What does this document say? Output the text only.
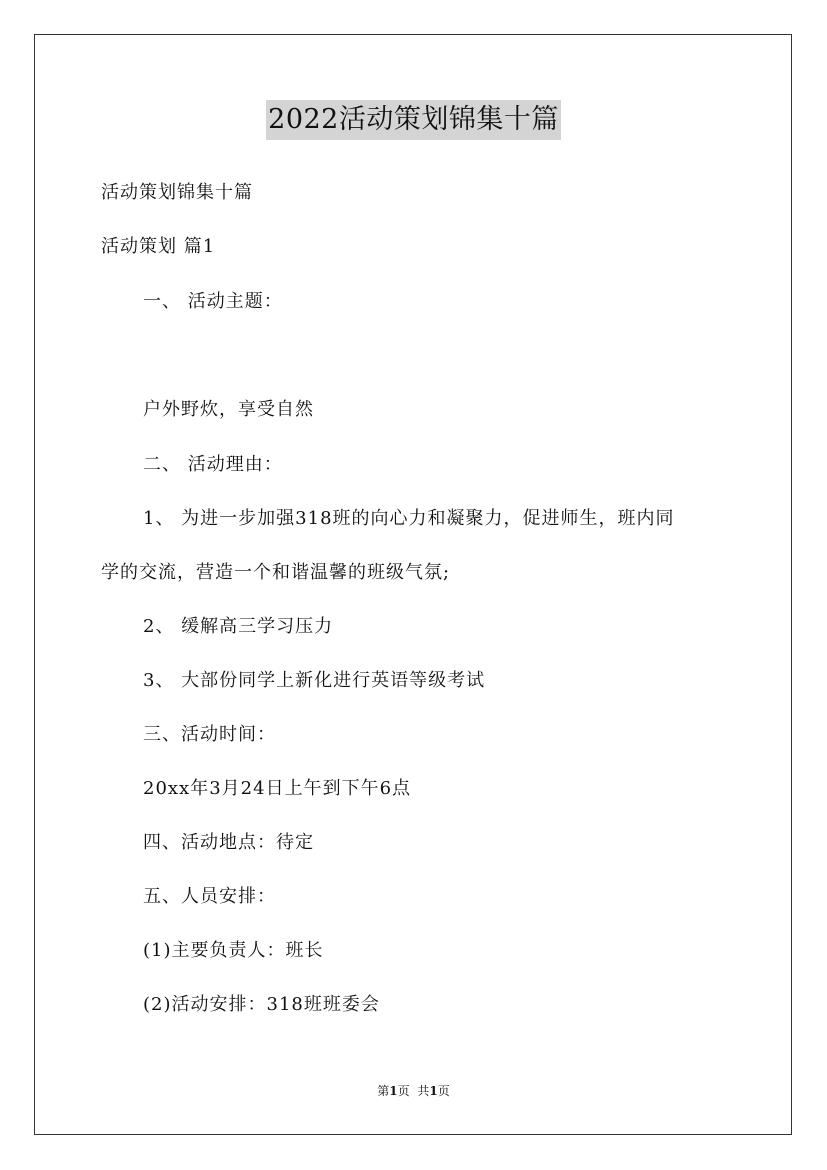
2022活动策划锦集十篇
活动策划锦集十篇
活动策划 篇1
一、 活动主题：
户外野炊，享受自然
二、 活动理由：
1、 为进一步加强318班的向心力和凝聚力，促进师生，班内同
学的交流，营造一个和谐温馨的班级气氛;
2、 缓解高三学习压力
3、 大部份同学上新化进行英语等级考试
三、活动时间：
20xx年3月24日上午到下午6点
四、活动地点：待定
五、人员安排：
(1)主要负责人：班长
(2)活动安排：318班班委会
第1页 共1页
